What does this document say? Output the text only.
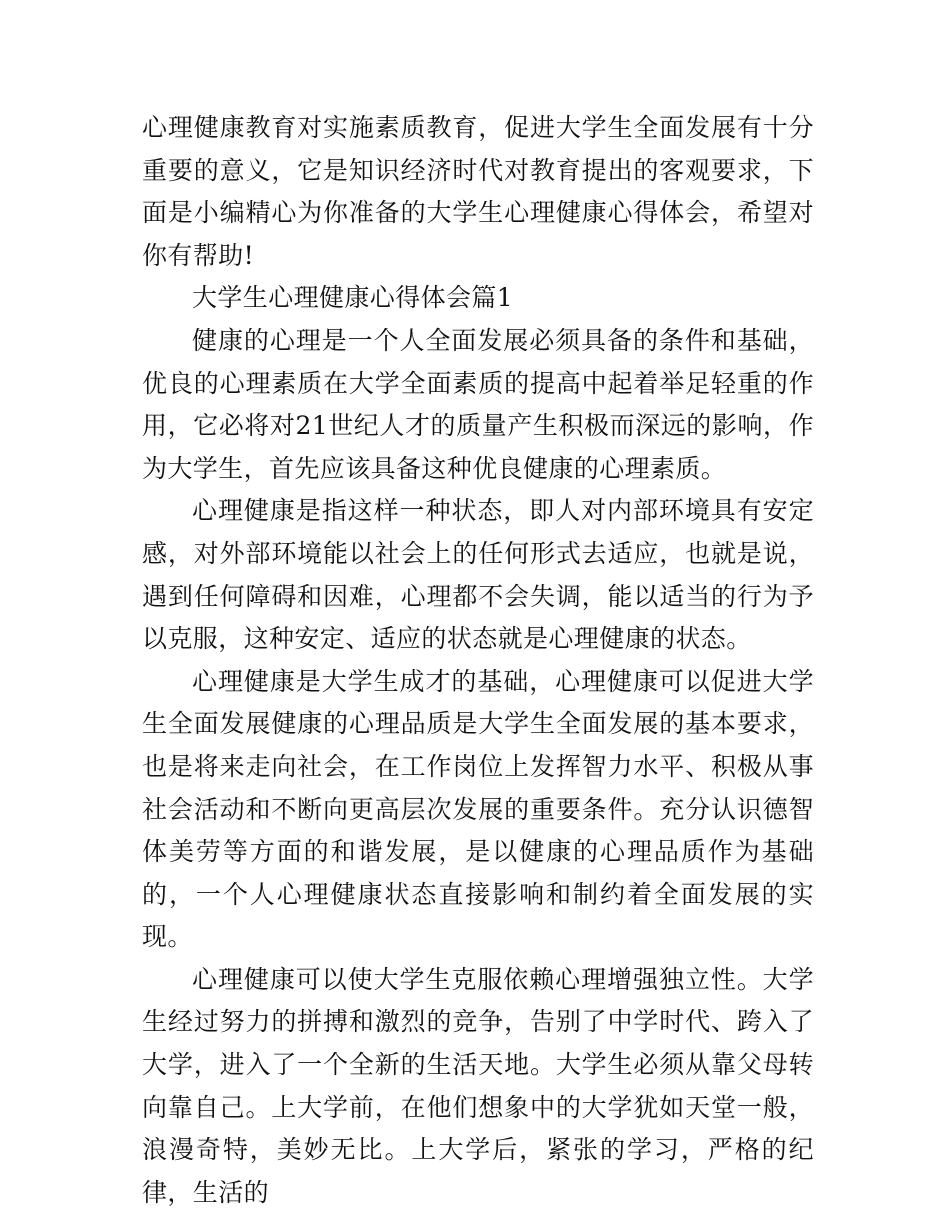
心理健康教育对实施素质教育，促进大学生全面发展有十分重要的意义，它是知识经济时代对教育提出的客观要求，下面是小编精心为你准备的大学生心理健康心得体会，希望对你有帮助!

大学生心理健康心得体会篇1

健康的心理是一个人全面发展必须具备的条件和基础，优良的心理素质在大学全面素质的提高中起着举足轻重的作用，它必将对21世纪人才的质量产生积极而深远的影响，作为大学生，首先应该具备这种优良健康的心理素质。

心理健康是指这样一种状态，即人对内部环境具有安定感，对外部环境能以社会上的任何形式去适应，也就是说，遇到任何障碍和因难，心理都不会失调，能以适当的行为予以克服，这种安定、适应的状态就是心理健康的状态。

心理健康是大学生成才的基础，心理健康可以促进大学生全面发展健康的心理品质是大学生全面发展的基本要求，也是将来走向社会，在工作岗位上发挥智力水平、积极从事社会活动和不断向更高层次发展的重要条件。充分认识德智体美劳等方面的和谐发展，是以健康的心理品质作为基础的，一个人心理健康状态直接影响和制约着全面发展的实现。

心理健康可以使大学生克服依赖心理增强独立性。大学生经过努力的拼搏和激烈的竞争，告别了中学时代、跨入了大学，进入了一个全新的生活天地。大学生必须从靠父母转向靠自己。上大学前，在他们想象中的大学犹如天堂一般，浪漫奇特，美妙无比。上大学后，紧张的学习，严格的纪律，生活的
